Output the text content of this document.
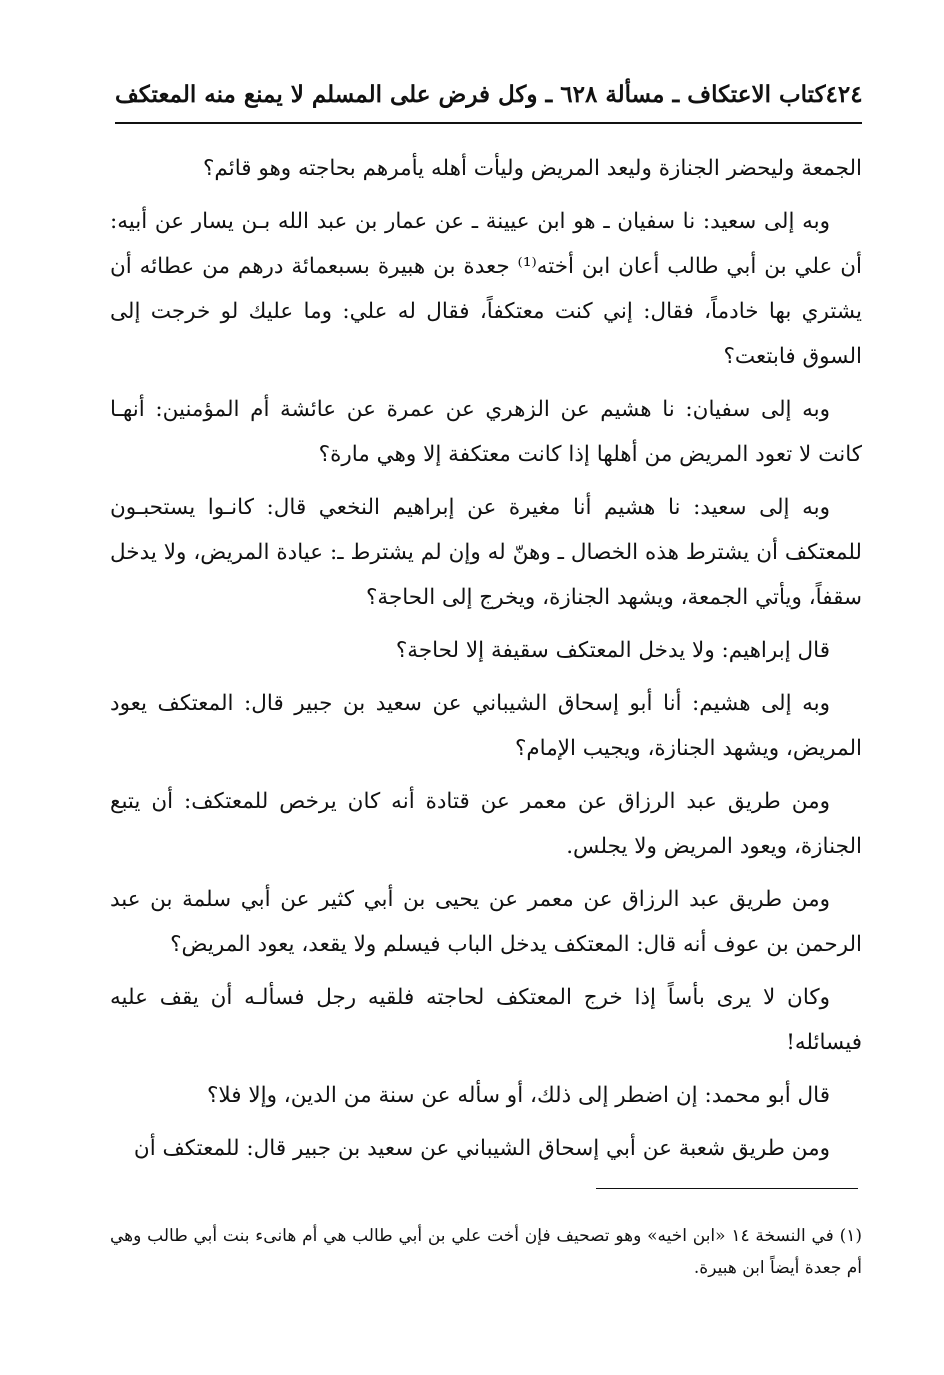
كتاب الاعتكاف ـ مسألة ٦٢٨ ـ وكل فرض على المسلم لا يمنع منه المعتكف ٤٢٤

الجمعة وليحضر الجنازة وليعد المريض وليأت أهله يأمرهم بحاجته وهو قائم؟

وبه إلى سعيد: نا سفيان ـ هو ابن عيينة ـ عن عمار بن عبد الله بـن يسار عن أبيه: أن علي بن أبي طالب أعان ابن أخته⁽¹⁾ جعدة بن هبيرة بسبعمائة درهم من عطائه أن يشتري بها خادماً، فقال: إني كنت معتكفاً، فقال له علي: وما عليك لو خرجت إلى السوق فابتعت؟

وبه إلى سفيان: نا هشيم عن الزهري عن عمرة عن عائشة أم المؤمنين: أنهـا كانت لا تعود المريض من أهلها إذا كانت معتكفة إلا وهي مارة؟

وبه إلى سعيد: نا هشيم أنا مغيرة عن إبراهيم النخعي قال: كانـوا يستحبـون للمعتكف أن يشترط هذه الخصال ـ وهنّ له وإن لم يشترط ـ: عيادة المريض، ولا يدخل سقفاً، ويأتي الجمعة، ويشهد الجنازة، ويخرج إلى الحاجة؟

قال إبراهيم: ولا يدخل المعتكف سقيفة إلا لحاجة؟

وبه إلى هشيم: أنا أبو إسحاق الشيباني عن سعيد بن جبير قال: المعتكف يعود المريض، ويشهد الجنازة، ويجيب الإمام؟

ومن طريق عبد الرزاق عن معمر عن قتادة أنه كان يرخص للمعتكف: أن يتبع الجنازة، ويعود المريض ولا يجلس.

ومن طريق عبد الرزاق عن معمر عن يحيى بن أبي كثير عن أبي سلمة بن عبد الرحمن بن عوف أنه قال: المعتكف يدخل الباب فيسلم ولا يقعد، يعود المريض؟

وكان لا يرى بأساً إذا خرج المعتكف لحاجته فلقيه رجل فسألـه أن يقف عليه فيسائله!

قال أبو محمد: إن اضطر إلى ذلك، أو سأله عن سنة من الدين، وإلا فلا؟

ومن طريق شعبة عن أبي إسحاق الشيباني عن سعيد بن جبير قال: للمعتكف أن

(١) في النسخة ١٤ «ابن اخيه» وهو تصحيف فإن أخت علي بن أبي طالب هي أم هانىء بنت أبي طالب وهي أم جعدة أيضاً ابن هبيرة.
